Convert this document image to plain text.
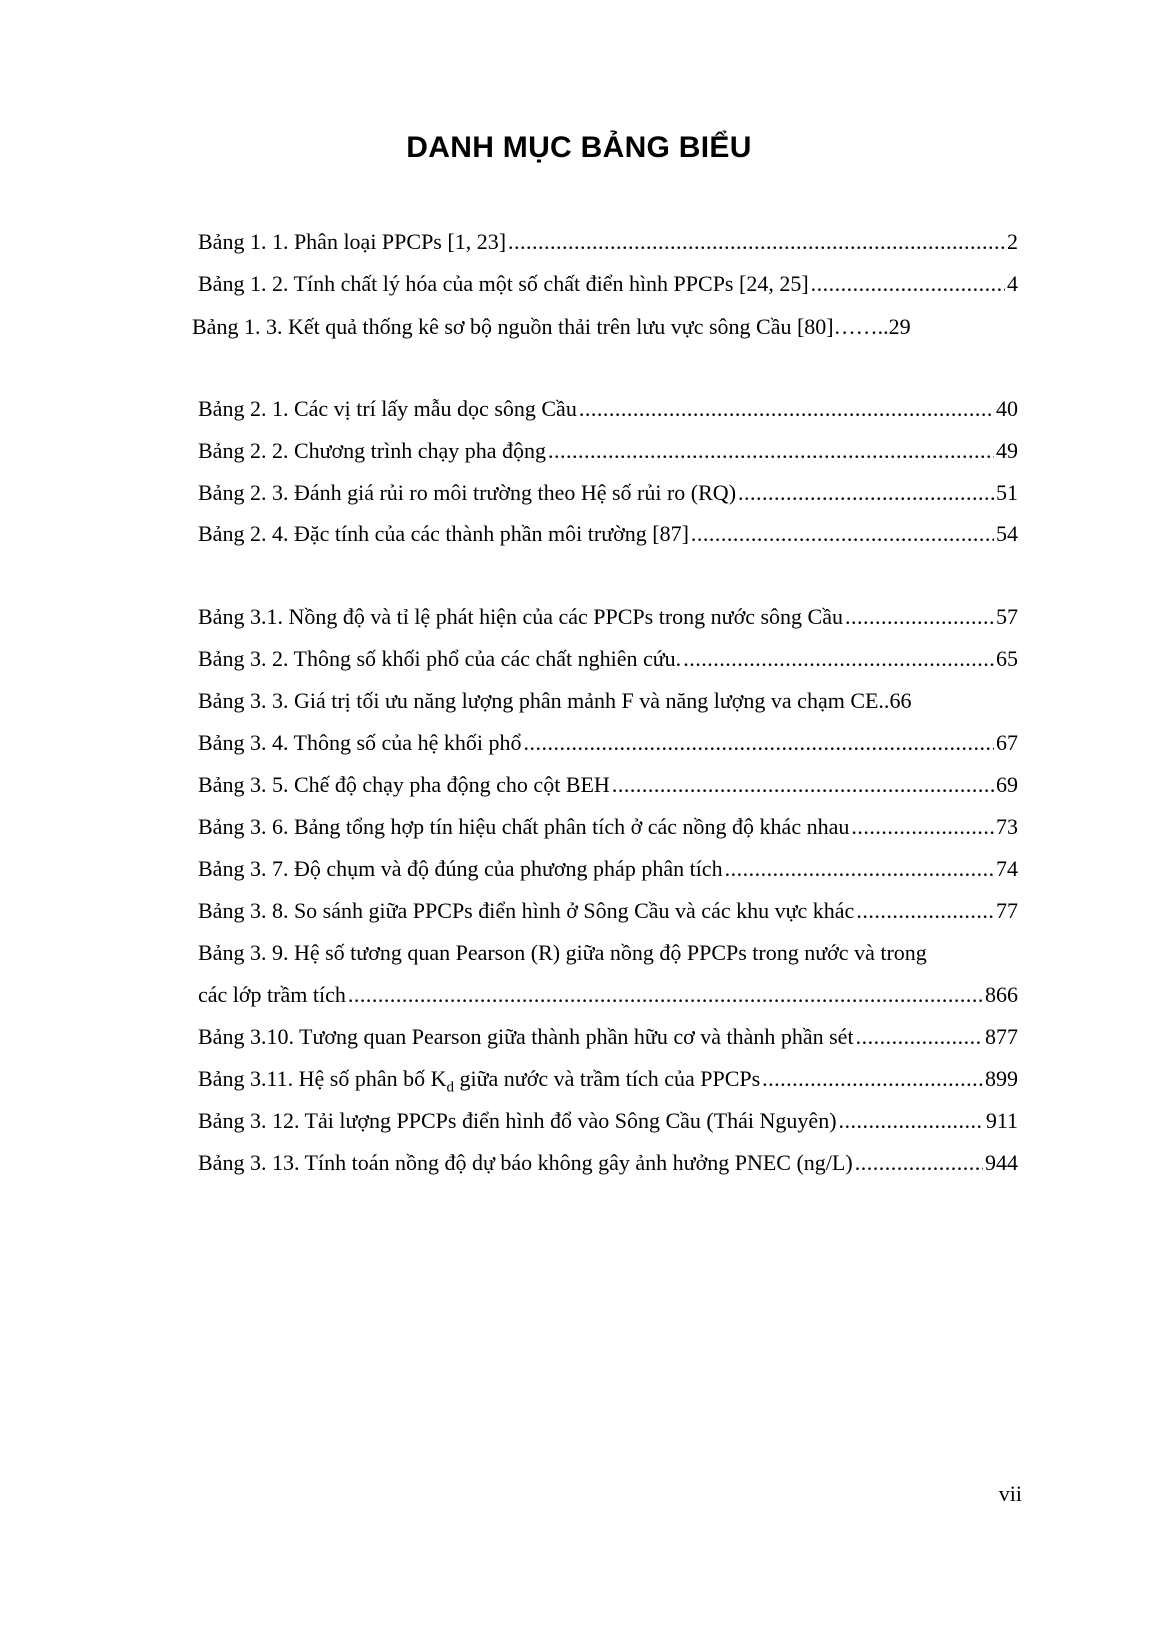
DANH MỤC BẢNG BIỂU
Bảng 1. 1. Phân loại PPCPs [1, 23] .....	2
Bảng 1. 2. Tính chất lý hóa của một số chất điển hình PPCPs [24, 25] .....	4
Bảng 1. 3. Kết quả thống kê sơ bộ nguồn thải trên lưu vực sông Cầu [80]…….. 29
Bảng 2. 1. Các vị trí lấy mẫu dọc sông Cầu .....	40
Bảng 2. 2. Chương trình chạy pha động .....	49
Bảng 2. 3. Đánh giá rủi ro môi trường theo Hệ số rủi ro (RQ) .....	51
Bảng 2. 4. Đặc tính của các thành phần môi trường [87] .....	54
Bảng 3.1. Nồng độ và tỉ lệ phát hiện của các PPCPs trong nước sông Cầu .....	57
Bảng 3. 2. Thông số khối phổ của các chất nghiên cứu. .....	65
Bảng 3. 3. Giá trị tối ưu năng lượng phân mảnh F và năng lượng va chạm CE.. 66
Bảng 3. 4. Thông số của hệ khối phổ .....	67
Bảng 3. 5. Chế độ chạy pha động cho cột BEH .....	69
Bảng 3. 6. Bảng tổng hợp tín hiệu chất phân tích ở các nồng độ khác nhau .....	73
Bảng 3. 7. Độ chụm và độ đúng của phương pháp phân tích .....	74
Bảng 3. 8. So sánh giữa PPCPs điển hình ở Sông Cầu và các khu vực khác .....	77
Bảng 3. 9. Hệ số tương quan Pearson (R) giữa nồng độ PPCPs trong nước và trong
các lớp trầm tích .....	866
Bảng 3.10. Tương quan Pearson giữa thành phần hữu cơ và thành phần sét .....	877
Bảng 3.11. Hệ số phân bố $K_d$ giữa nước và trầm tích của PPCPs .....	899
Bảng 3. 12. Tải lượng PPCPs điển hình đổ vào Sông Cầu (Thái Nguyên) .....	911
Bảng 3. 13. Tính toán nồng độ dự báo không gây ảnh hưởng PNEC (ng/L) .....	944
vii
